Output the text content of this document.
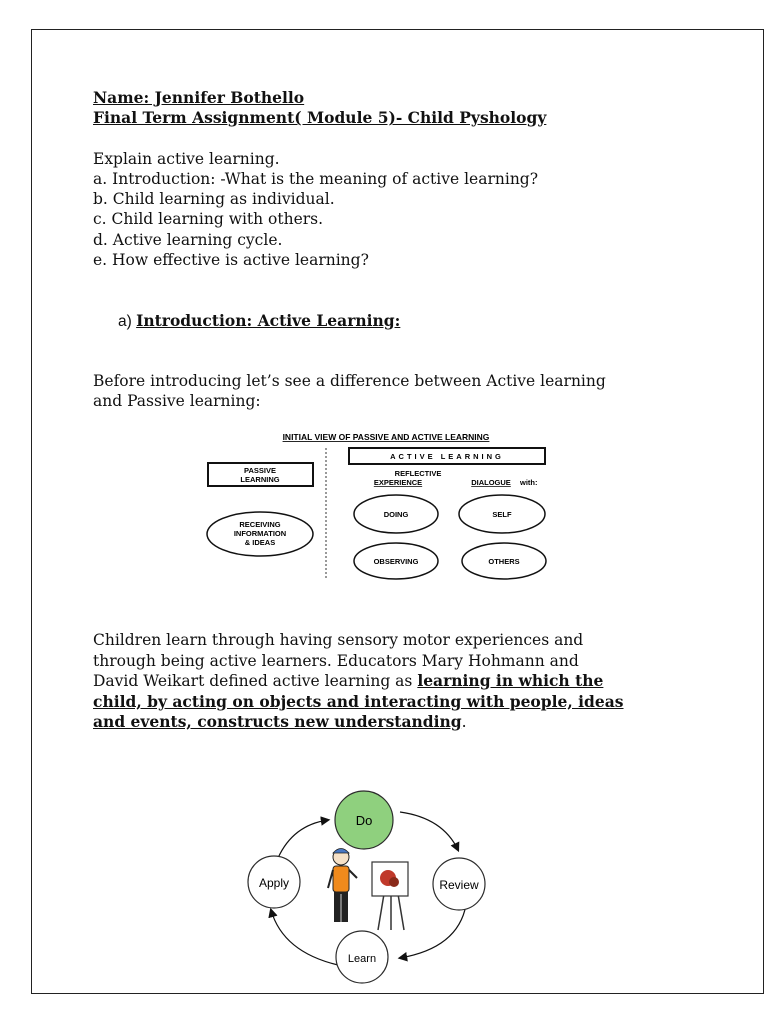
Name: Jennifer Bothello
Final Term Assignment( Module 5)- Child Pyshology
Explain active learning.
a. Introduction: -What is the meaning of active learning?
b. Child learning as individual.
c. Child learning with others.
d. Active learning cycle.
e. How effective is active learning?
a) Introduction: Active Learning:
Before introducing let’s see a difference between Active learning
and Passive learning:
INITIAL VIEW OF PASSIVE AND ACTIVE LEARNING
PASSIVE
LEARNING
RECEIVING
INFORMATION
& IDEAS
ACTIVE LEARNING
REFLECTIVE
EXPERIENCE	DIALOGUE with:
DOING	SELF
OBSERVING	OTHERS
Children learn through having sensory motor experiences and
through being active learners. Educators Mary Hohmann and
David Weikart defined active learning as learning in which the
child, by acting on objects and interacting with people, ideas
and events, constructs new understanding.
Do
Review
Learn
Apply
